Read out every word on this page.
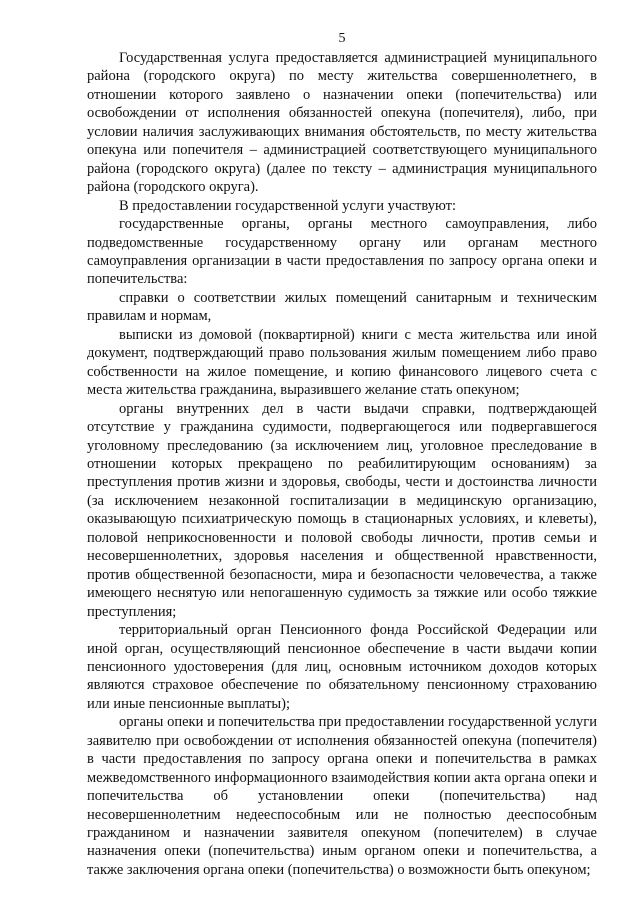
5

Государственная услуга предоставляется администрацией муниципального района (городского округа) по месту жительства совершеннолетнего, в отношении которого заявлено о назначении опеки (попечительства) или освобождении от исполнения обязанностей опекуна (попечителя), либо, при условии наличия заслуживающих внимания обстоятельств, по месту жительства опекуна или попечителя – администрацией соответствующего муниципального района (городского округа) (далее по тексту – администрация муниципального района (городского округа).

В предоставлении государственной услуги участвуют:

государственные органы, органы местного самоуправления, либо подведомственные государственному органу или органам местного самоуправления организации в части предоставления по запросу органа опеки и попечительства:

справки о соответствии жилых помещений санитарным и техническим правилам и нормам,

выписки из домовой (поквартирной) книги с места жительства или иной документ, подтверждающий право пользования жилым помещением либо право собственности на жилое помещение, и копию финансового лицевого счета с места жительства гражданина, выразившего желание стать опекуном;

органы внутренних дел в части выдачи справки, подтверждающей отсутствие у гражданина судимости, подвергающегося или подвергавшегося уголовному преследованию (за исключением лиц, уголовное преследование в отношении которых прекращено по реабилитирующим основаниям) за преступления против жизни и здоровья, свободы, чести и достоинства личности (за исключением незаконной госпитализации в медицинскую организацию, оказывающую психиатрическую помощь в стационарных условиях, и клеветы), половой неприкосновенности и половой свободы личности, против семьи и несовершеннолетних, здоровья населения и общественной нравственности, против общественной безопасности, мира и безопасности человечества, а также имеющего неснятую или непогашенную судимость за тяжкие или особо тяжкие преступления;

территориальный орган Пенсионного фонда Российской Федерации или иной орган, осуществляющий пенсионное обеспечение в части выдачи копии пенсионного удостоверения (для лиц, основным источником доходов которых являются страховое обеспечение по обязательному пенсионному страхованию или иные пенсионные выплаты);

органы опеки и попечительства при предоставлении государственной услуги заявителю при освобождении от исполнения обязанностей опекуна (попечителя) в части предоставления по запросу органа опеки и попечительства в рамках межведомственного информационного взаимодействия копии акта органа опеки и попечительства об установлении опеки (попечительства) над несовершеннолетним недееспособным или не полностью дееспособным гражданином и назначении заявителя опекуном (попечителем) в случае назначения опеки (попечительства) иным органом опеки и попечительства, а также заключения органа опеки (попечительства) о возможности быть опекуном;
